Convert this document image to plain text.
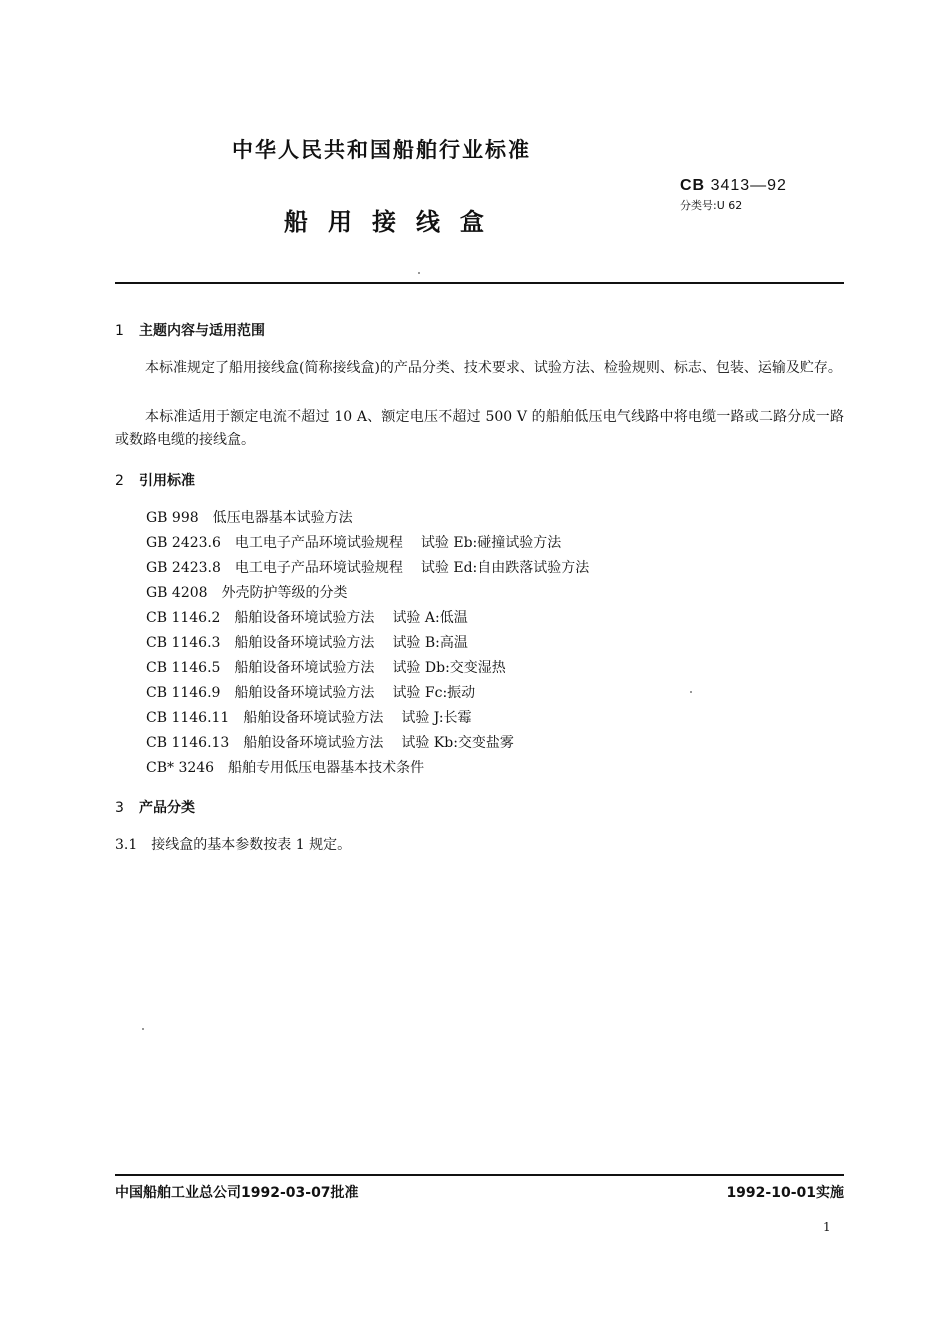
中华人民共和国船舶行业标准
CB 3413—92
分类号:U 62
船用接线盒
1 主题内容与适用范围
本标准规定了船用接线盒(简称接线盒)的产品分类、技术要求、试验方法、检验规则、标志、包装、运输及贮存。
本标准适用于额定电流不超过 10 A、额定电压不超过 500 V 的船舶低压电气线路中将电缆一路或二路分成一路或数路电缆的接线盒。
2 引用标准
GB 998 低压电器基本试验方法
GB 2423.6 电工电子产品环境试验规程 试验 Eb:碰撞试验方法
GB 2423.8 电工电子产品环境试验规程 试验 Ed:自由跌落试验方法
GB 4208 外壳防护等级的分类
CB 1146.2 船舶设备环境试验方法 试验 A:低温
CB 1146.3 船舶设备环境试验方法 试验 B:高温
CB 1146.5 船舶设备环境试验方法 试验 Db:交变湿热
CB 1146.9 船舶设备环境试验方法 试验 Fc:振动
CB 1146.11 船舶设备环境试验方法 试验 J:长霉
CB 1146.13 船舶设备环境试验方法 试验 Kb:交变盐雾
CB* 3246 船舶专用低压电器基本技术条件
3 产品分类
3.1 接线盒的基本参数按表 1 规定。
中国船舶工业总公司1992-03-07批准	1992-10-01实施
1
